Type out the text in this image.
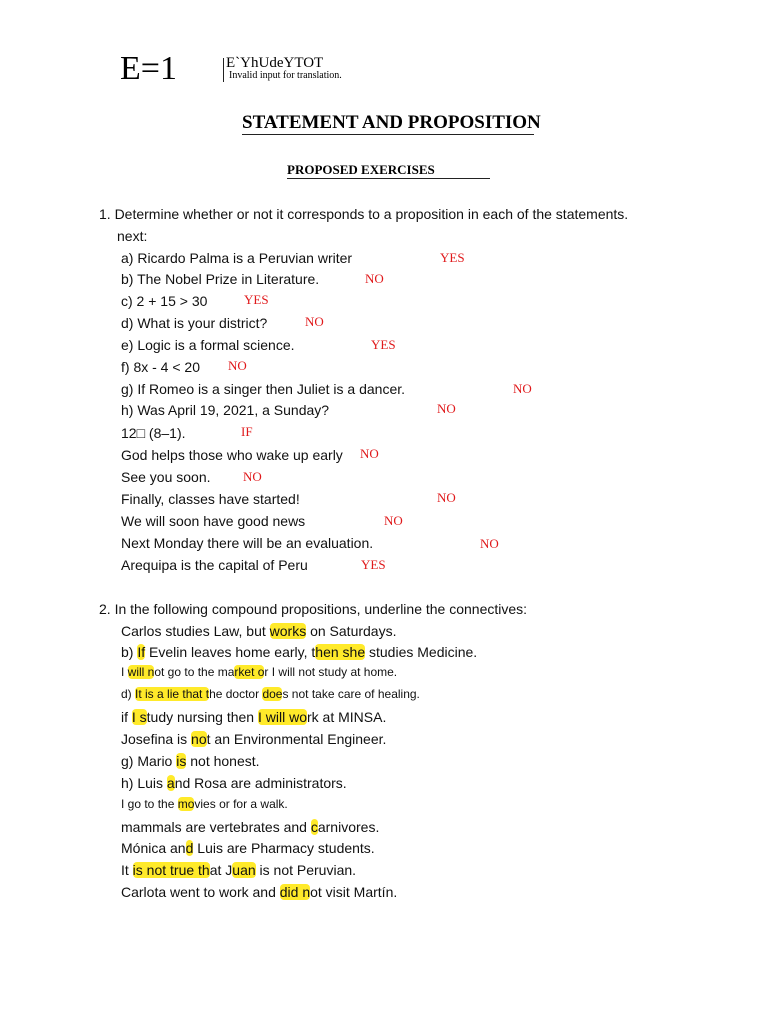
E=1	E`YhUdeYTOT
Invalid input for translation.
STATEMENT AND PROPOSITION
PROPOSED EXERCISES
1. Determine whether or not it corresponds to a proposition in each of the statements.
next:
a) Ricardo Palma is a Peruvian writer	YES
b) The Nobel Prize in Literature.	NO
c) 2 + 15 > 30	YES
d) What is your district?	NO
e) Logic is a formal science.	YES
f) 8x - 4 < 20 NO
g) If Romeo is a singer then Juliet is a dancer.	NO
h) Was April 19, 2021, a Sunday?	NO
12□ (8–1).	IF
God helps those who wake up early NO
See you soon. NO
Finally, classes have started!	NO
We will soon have good news	NO
Next Monday there will be an evaluation.	NO
Arequipa is the capital of Peru	YES
2. In the following compound propositions, underline the connectives:
Carlos studies Law, but works on Saturdays.
b) If Evelin leaves home early, then she studies Medicine.
I will not go to the market or I will not study at home.
d) It is a lie that the doctor does not take care of healing.
if I study nursing then I will work at MINSA.
Josefina is not an Environmental Engineer.
g) Mario is not honest.
h) Luis and Rosa are administrators.
I go to the movies or for a walk.
mammals are vertebrates and carnivores.
Mónica and Luis are Pharmacy students.
It is not true that Juan is not Peruvian.
Carlota went to work and did not visit Martín.
